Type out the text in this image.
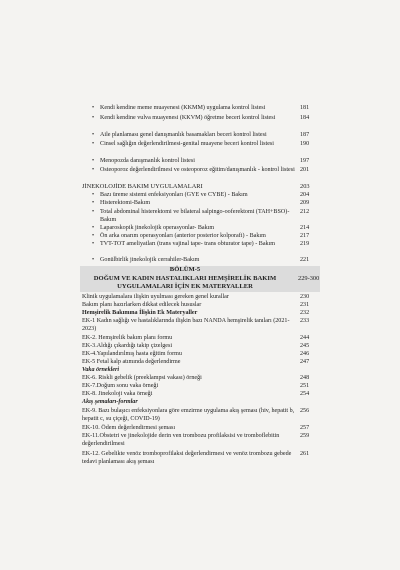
BÖLÜM-5
DOĞUM VE KADIN HASTALIKLARI HEMŞİRELİK BAKIM
UYGULAMALARI İÇİN EK MATERYALLER
229-300
• Kendi kendine meme muayenesi (KKMM) uygulama kontrol listesi	181
• Kendi kendine vulva muayenesi (KKVM) öğretme beceri kontrol listesi	184
• Aile planlaması genel danışmanlık basamakları beceri kontrol listesi	187
• Cinsel sağlığın değerlendirilmesi-genital muayene beceri kontrol listesi	190
• Menopozda danışmanlık kontrol listesi	197
• Osteoporoz değerlendirilmesi ve osteoporoz eğitim/danışmanlık - kontrol listesi 201
JİNEKOLOJİDE BAKIM UYGULAMALARI	203
• Bazı üreme sistemi enfeksiyonları (GYE ve CYBE) - Bakım	204
• Histerektomi-Bakım	209
• Total abdominal histerektomi ve bilateral salpingo-ooferektomi (TAH+BSO)- Bakım
212
• Laparoskopik jinekolojik operasyonlar- Bakım	214
• Ön arka onarım operasyonları (anterior posterior kolporafi) - Bakım	217
• TVT-TOT ameliyatları (trans vajinal tape- trans obturator tape) - Bakım	219
• Gonülbirlik jinekolojik cerrahiler-Bakım	221
Klinik uygulamalara ilişkin uyulması gereken genel kurallar	230
Bakım planı hazırlarken dikkat edilecek hususlar	231
Hemşirelik Bakımına İlişkin Ek Materyaller	232
EK-1 Kadın sağlığı ve hastalıklarında ilişkin bazı NANDA hemşirelik tanıları (2021-2023)
233
EK-2. Hemşirelik bakım planı formu	244
EK-3.Aldığı çıkardığı takip çizelgesi	245
EK-4.Yapılandırılmış hasta eğitim formu	246
EK-5 Fetal kalp atımında değerlendirme	247
Vaka örnekleri
EK-6. Riskli gebelik (preeklampsi vakası) örneği	248
EK-7.Doğum sonu vaka örneği	251
EK-8. Jinekoloji vaka örneği	254
Akış şemaları-formlar
EK-9. Bazı bulaşıcı enfeksiyonlara göre emzirme uygulama akış şeması (hiv, hepatit b, hepatit c, su çiçeği, COVID-19)
256
EK-10. Ödem değerlendirmesi şeması	257
EK-11.Obstetri ve jinekolojide derin ven trombozu profilaksisi ve tromboflebitin değerlendirilmesi
259
EK-12. Gebelikte venöz tromboprofilaksi değerlendirmesi ve venöz trombozu gebede tedavi planlaması akış şeması
261
